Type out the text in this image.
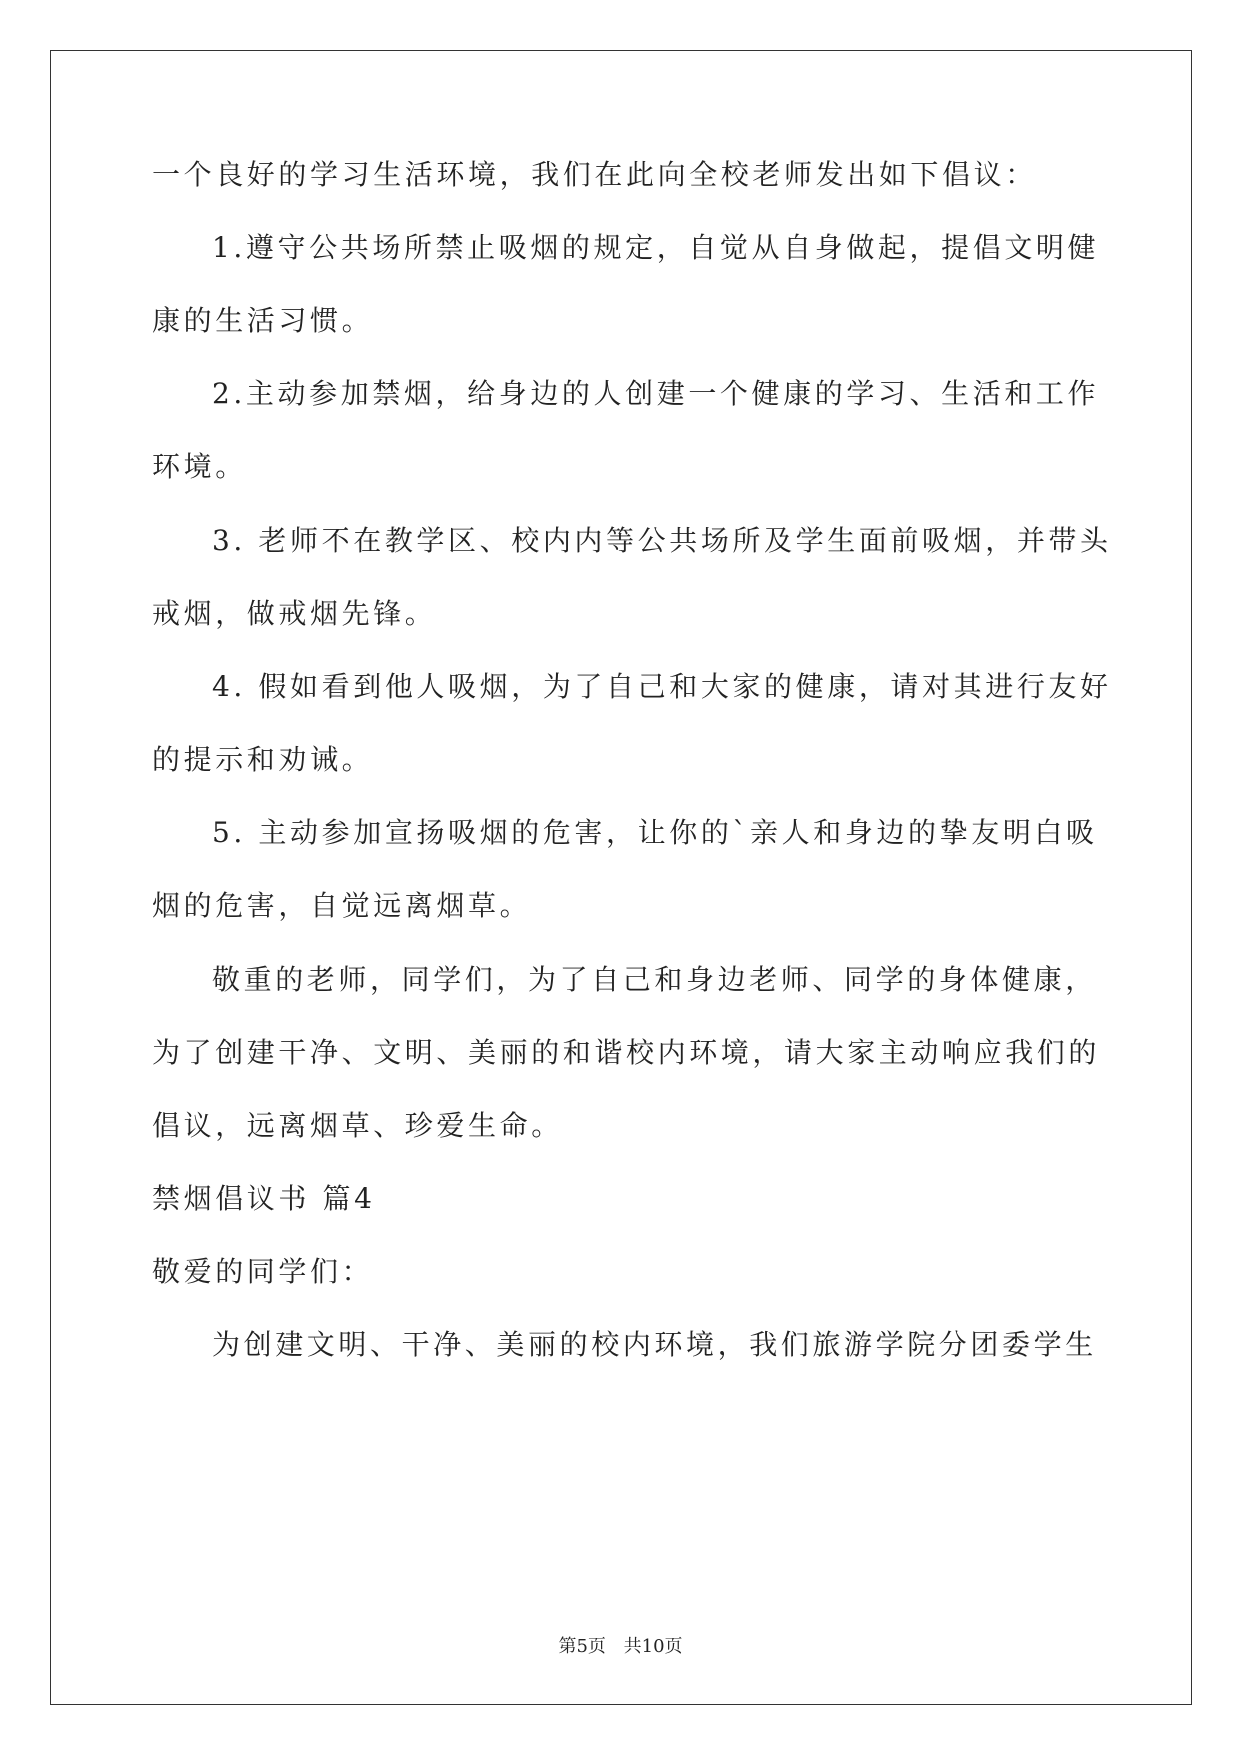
一个良好的学习生活环境，我们在此向全校老师发出如下倡议：
1.遵守公共场所禁止吸烟的规定，自觉从自身做起，提倡文明健
康的生活习惯。
2.主动参加禁烟，给身边的人创建一个健康的学习、生活和工作
环境。
3. 老师不在教学区、校内内等公共场所及学生面前吸烟，并带头
戒烟，做戒烟先锋。
4. 假如看到他人吸烟，为了自己和大家的健康，请对其进行友好
的提示和劝诫。
5. 主动参加宣扬吸烟的危害，让你的`亲人和身边的挚友明白吸
烟的危害，自觉远离烟草。
敬重的老师，同学们，为了自己和身边老师、同学的身体健康，
为了创建干净、文明、美丽的和谐校内环境，请大家主动响应我们的
倡议，远离烟草、珍爱生命。
禁烟倡议书 篇4
敬爱的同学们：
为创建文明、干净、美丽的校内环境，我们旅游学院分团委学生
第5页 共10页
